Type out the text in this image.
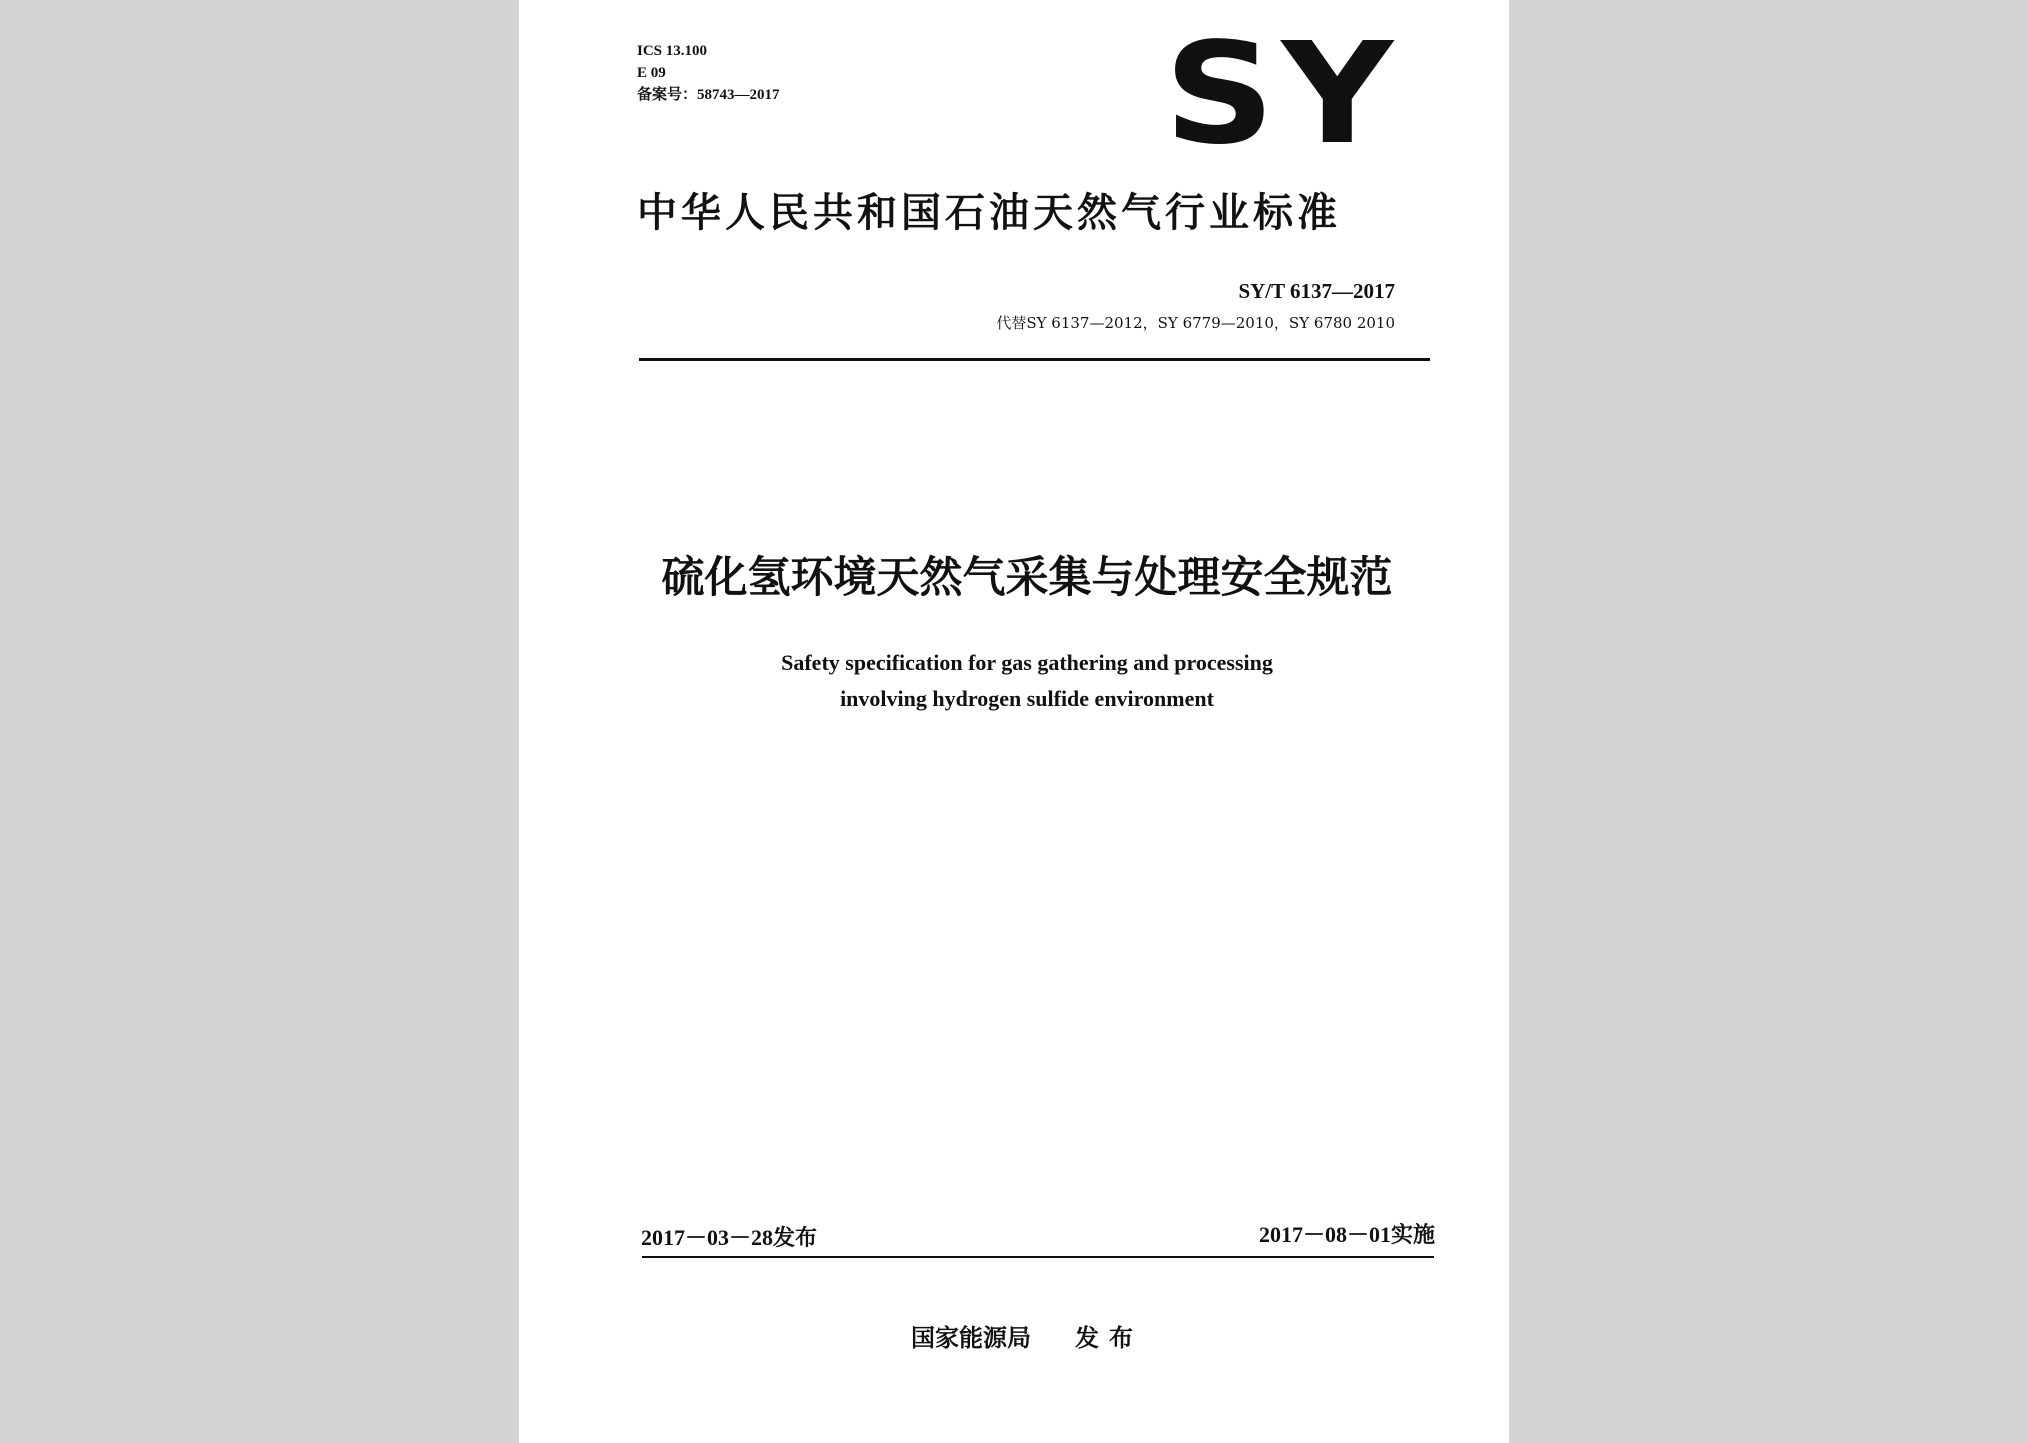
ICS 13.100
E 09
备案号：58743—2017	SY
中华人民共和国石油天然气行业标准
SY/T 6137—2017
代替SY 6137—2012，SY 6779—2010，SY 6780 2010
硫化氢环境天然气采集与处理安全规范
Safety specification for gas gathering and processing
involving hydrogen sulfide environment
2017－03－28发布	2017－08－01实施
国家能源局 发布
